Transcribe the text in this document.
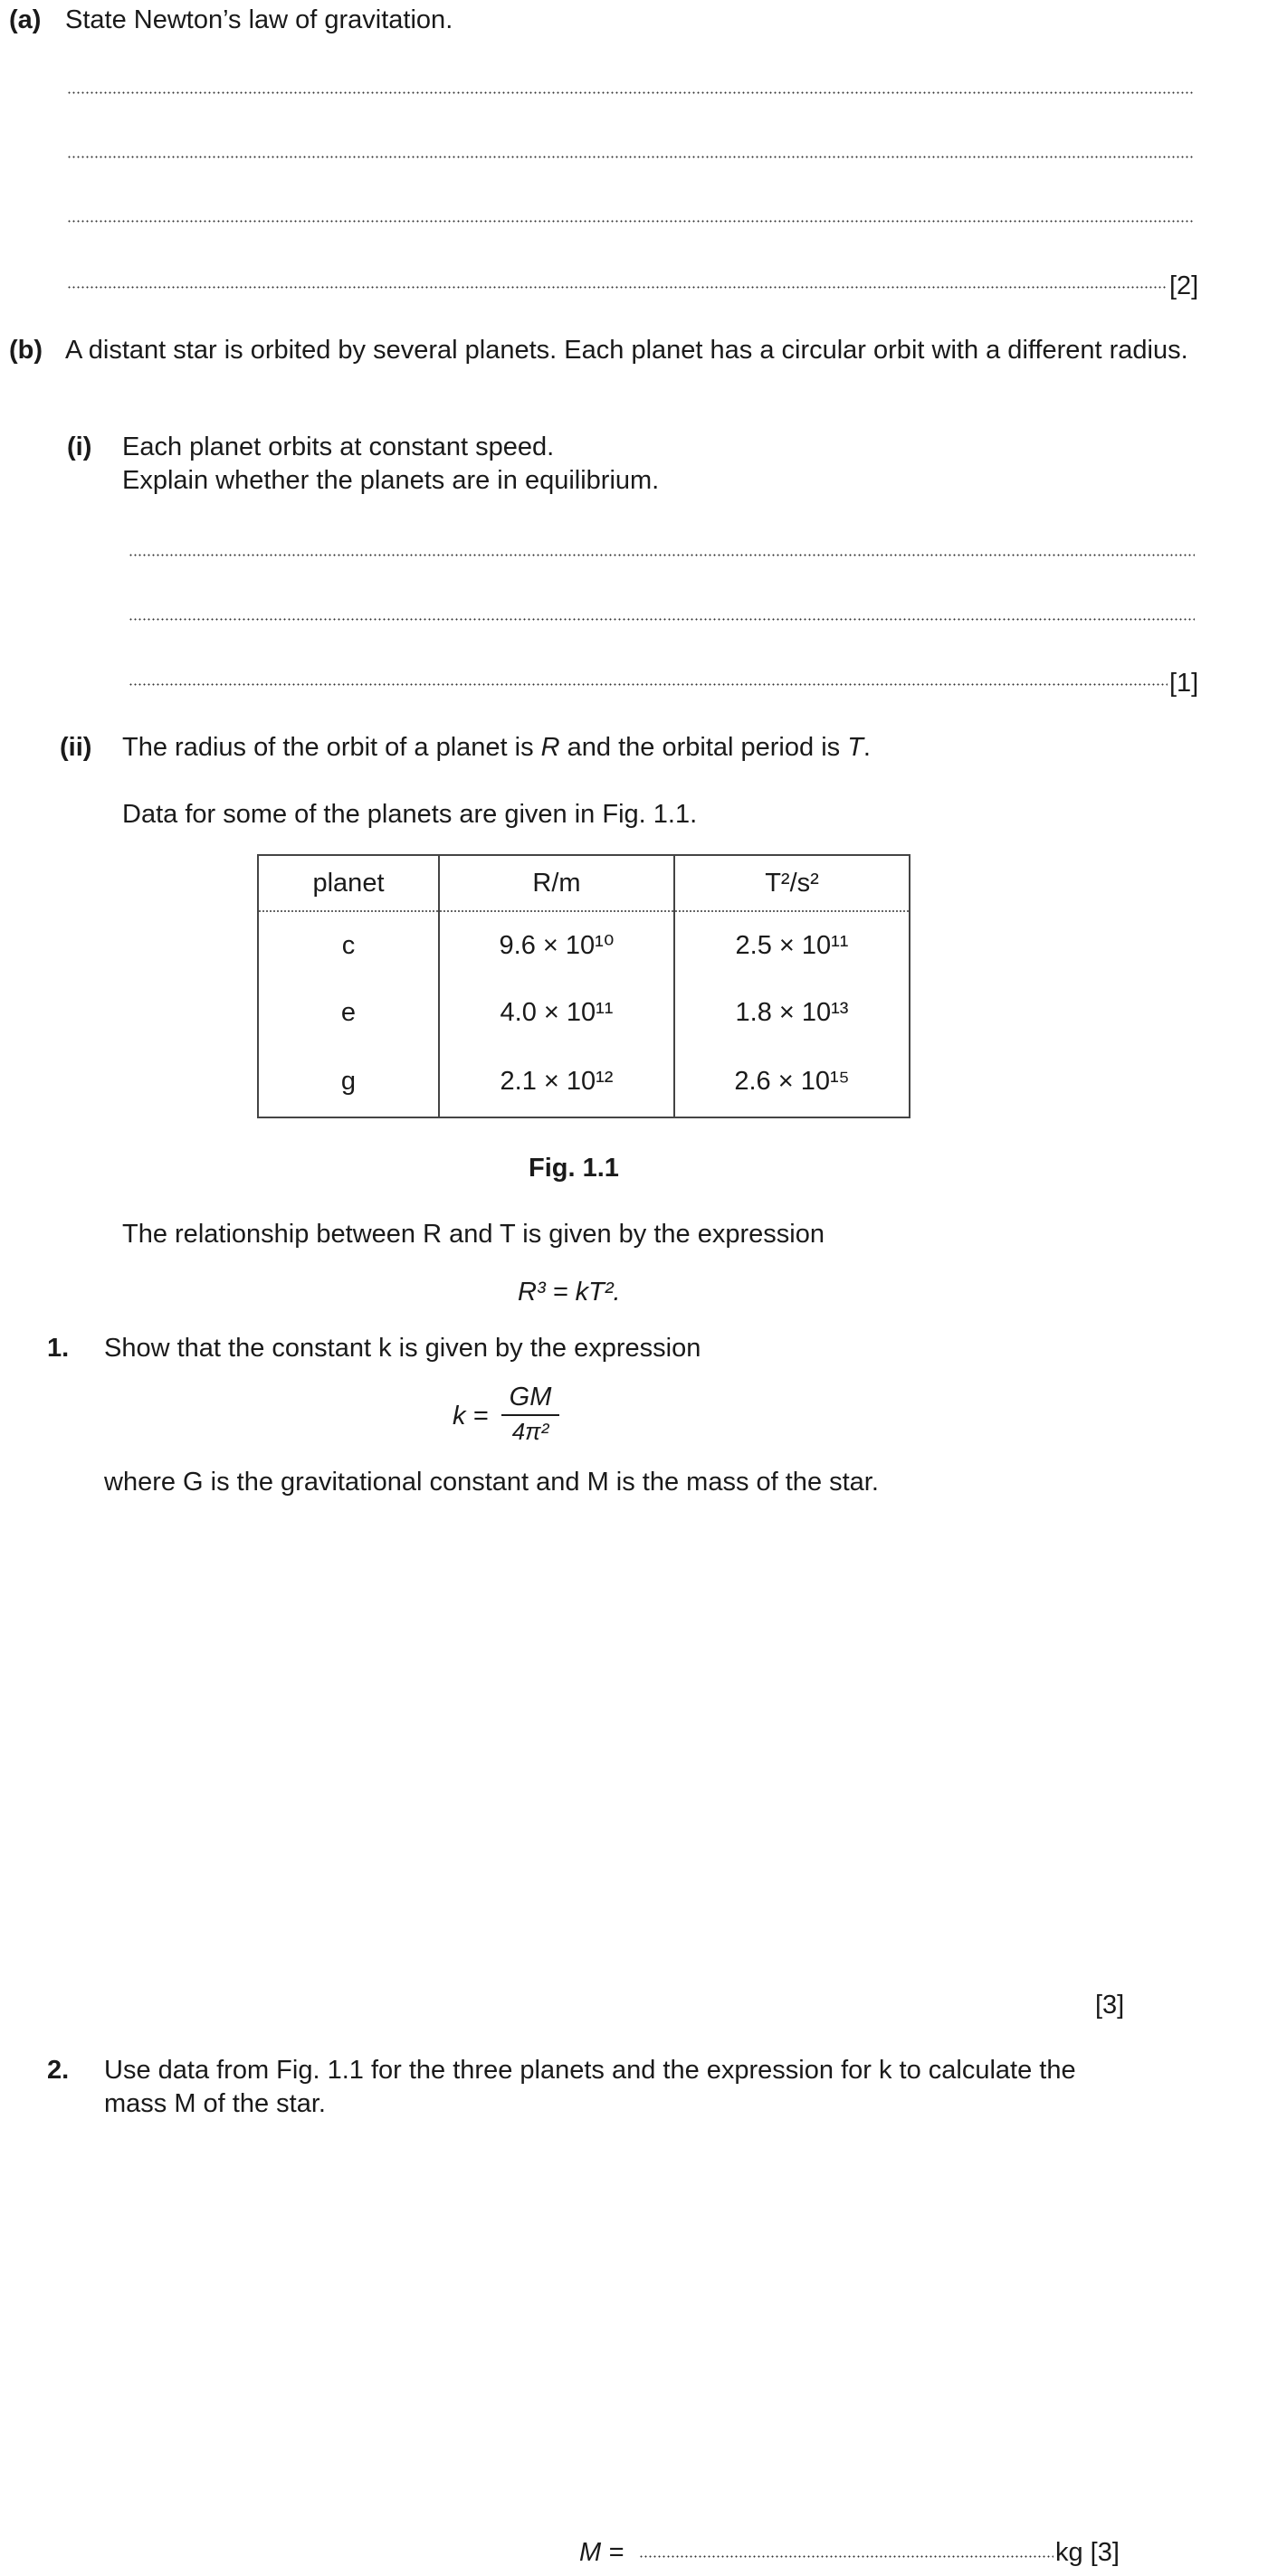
(a) State Newton’s law of gravitation.
[2]
(b) A distant star is orbited by several planets. Each planet has a circular orbit with a different radius.
(i) Each planet orbits at constant speed.
Explain whether the planets are in equilibrium.
[1]
(ii) The radius of the orbit of a planet is R and the orbital period is T.
Data for some of the planets are given in Fig. 1.1.
planet	R/m	T²/s²
c	9.6 × 10¹⁰	2.5 × 10¹¹
e	4.0 × 10¹¹	1.8 × 10¹³
g	2.1 × 10¹²	2.6 × 10¹⁵
Fig. 1.1
The relationship between R and T is given by the expression
R³ = kT².
1. Show that the constant k is given by the expression
k =
GM
4π²
where G is the gravitational constant and M is the mass of the star.
[3]
2. Use data from Fig. 1.1 for the three planets and the expression for k to calculate the
mass M of the star.
M =	kg [3]
